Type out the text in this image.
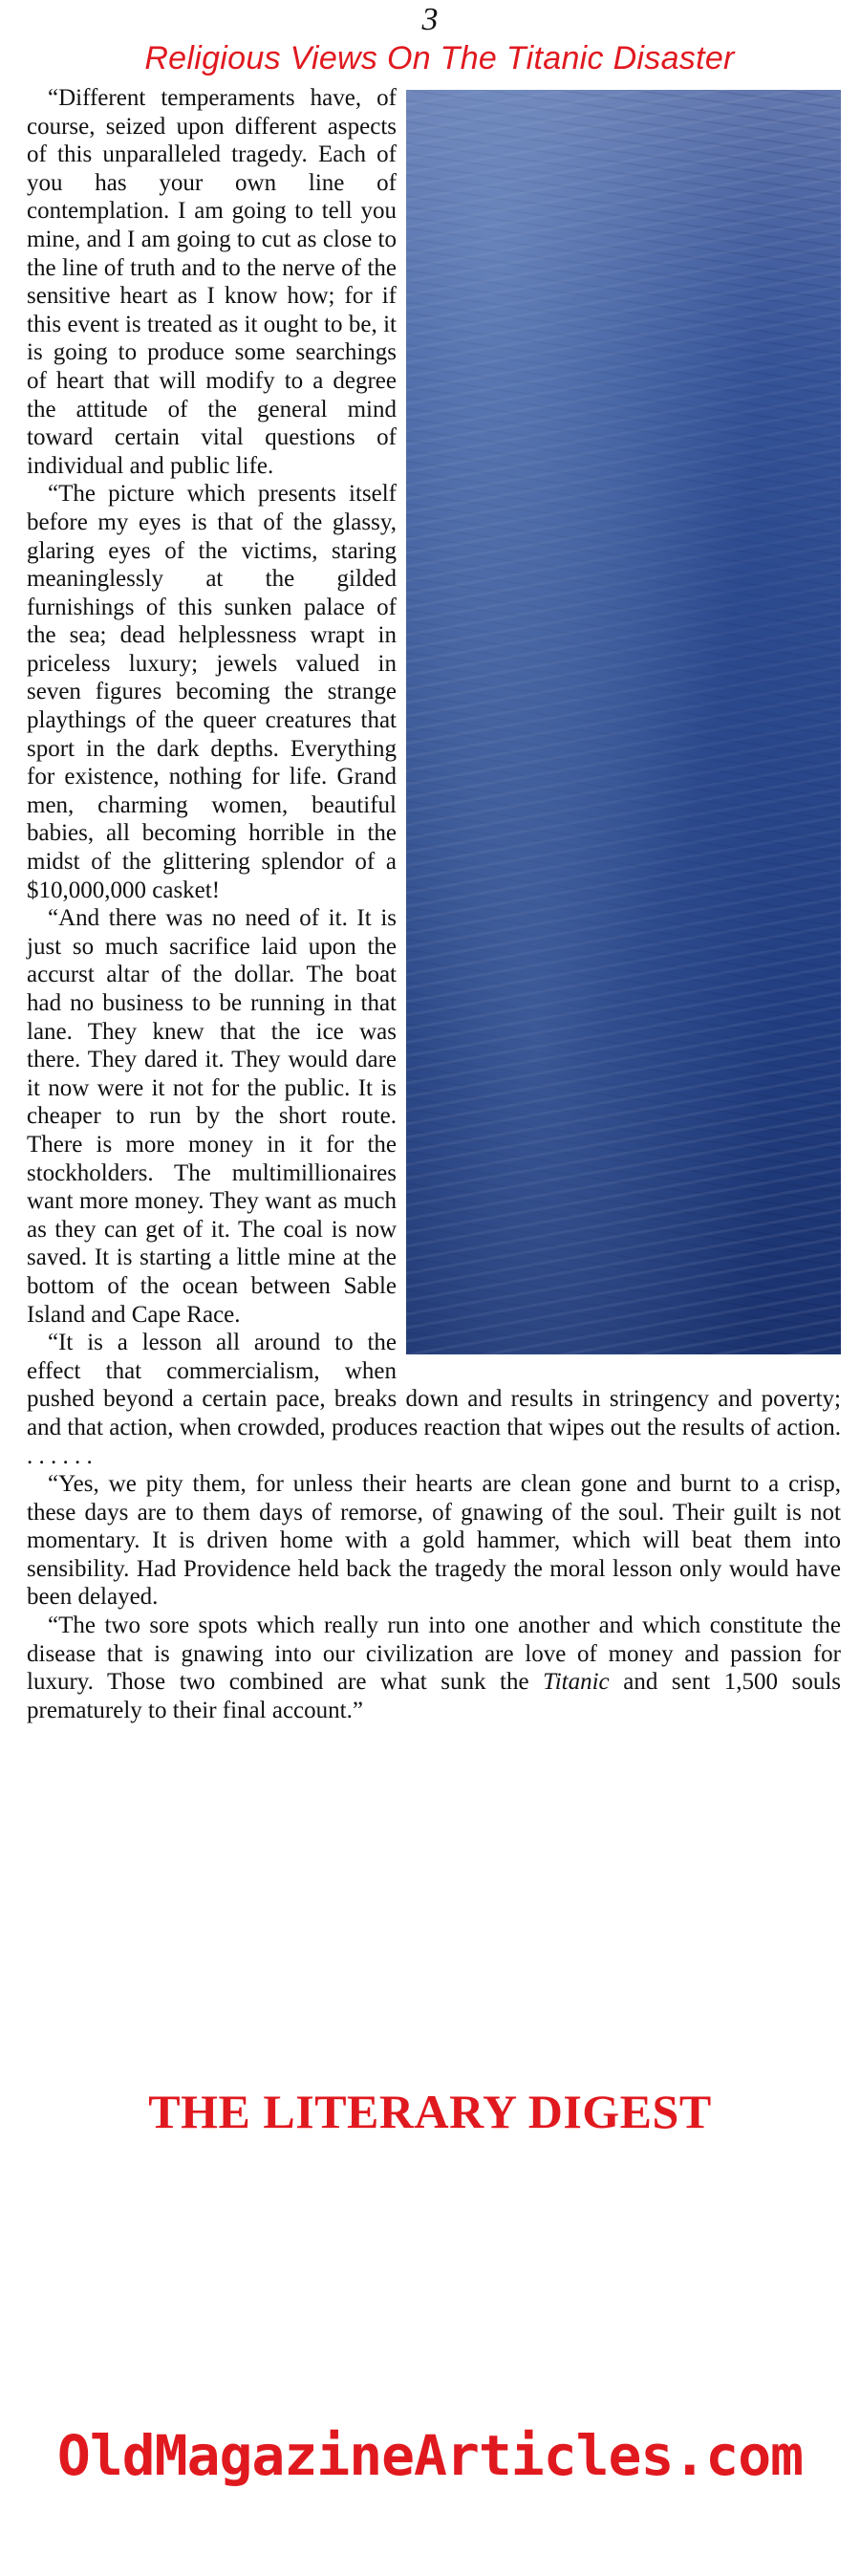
3
Religious Views On The Titanic Disaster

“Different temperaments have, of course, seized upon different aspects of this unparalleled tragedy. Each of you has your own line of contemplation. I am going to tell you mine, and I am going to cut as close to the line of truth and to the nerve of the sensitive heart as I know how; for if this event is treated as it ought to be, it is going to produce some searchings of heart that will modify to a degree the attitude of the general mind toward certain vital questions of individual and public life.

“The picture which presents itself before my eyes is that of the glassy, glaring eyes of the victims, staring meaninglessly at the gilded furnishings of this sunken palace of the sea; dead helplessness wrapt in priceless luxury; jewels valued in seven figures becoming the strange playthings of the queer creatures that sport in the dark depths. Everything for existence, nothing for life. Grand men, charming women, beautiful babies, all becoming horrible in the midst of the glittering splendor of a $10,000,000 casket!

“And there was no need of it. It is just so much sacrifice laid upon the accurst altar of the dollar. The boat had no business to be running in that lane. They knew that the ice was there. They dared it. They would dare it now were it not for the public. It is cheaper to run by the short route. There is more money in it for the stockholders. The multimillionaires want more money. They want as much as they can get of it. The coal is now saved. It is starting a little mine at the bottom of the ocean between Sable Island and Cape Race.

“It is a lesson all around to the effect that commercialism, when pushed beyond a certain pace, breaks down and results in stringency and poverty; and that action, when crowded, produces reaction that wipes out the results of action. . . . . . .

“Yes, we pity them, for unless their hearts are clean gone and burnt to a crisp, these days are to them days of remorse, of gnawing of the soul. Their guilt is not momentary. It is driven home with a gold hammer, which will beat them into sensibility. Had Providence held back the tragedy the moral lesson only would have been delayed.

“The two sore spots which really run into one another and which constitute the disease that is gnawing into our civilization are love of money and passion for luxury. Those two combined are what sunk the Titanic and sent 1,500 souls prematurely to their final account.”

THE LITERARY DIGEST
OldMagazineArticles.com
